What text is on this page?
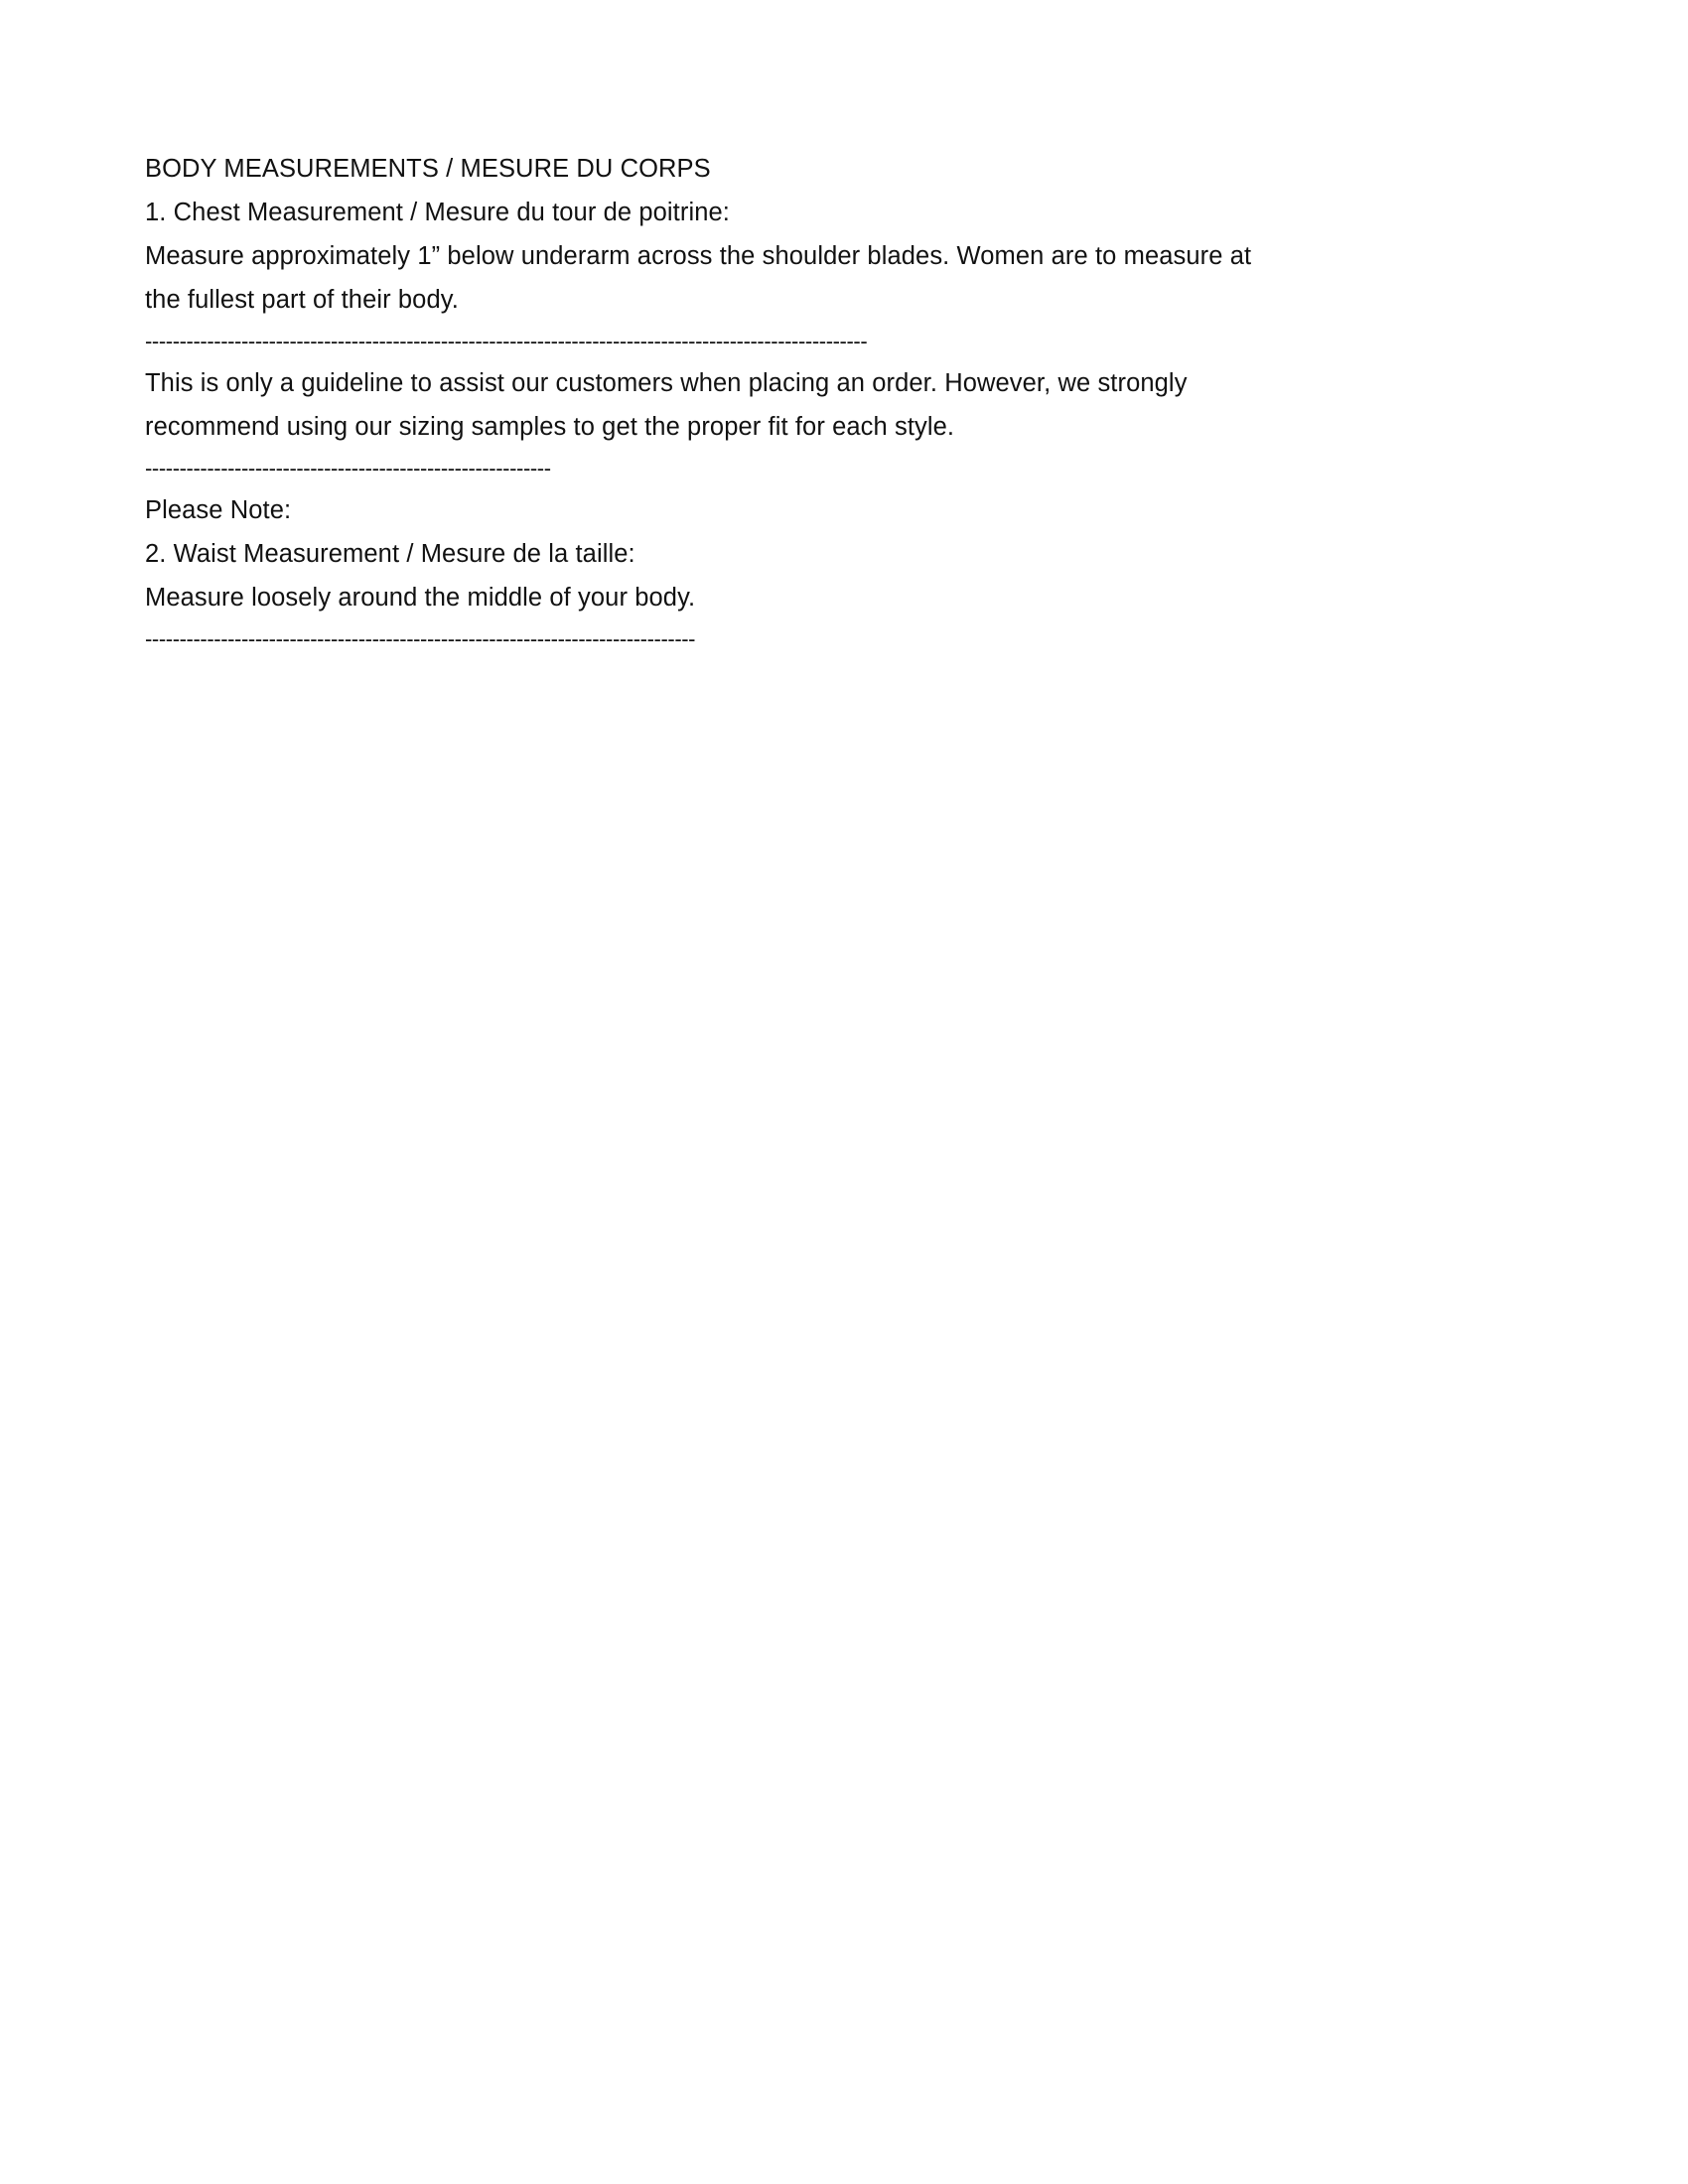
BODY MEASUREMENTS / MESURE DU CORPS
1. Chest Measurement / Mesure du tour de poitrine:
Measure approximately 1” below underarm across the shoulder blades. Women are to measure at the fullest part of their body.
---------------------------------------------------------------------------------------------------------
This is only a guideline to assist our customers when placing an order. However, we strongly recommend using our sizing samples to get the proper fit for each style.
-----------------------------------------------------------
Please Note:
2. Waist Measurement / Mesure de la taille:
Measure loosely around the middle of your body.
--------------------------------------------------------------------------------
